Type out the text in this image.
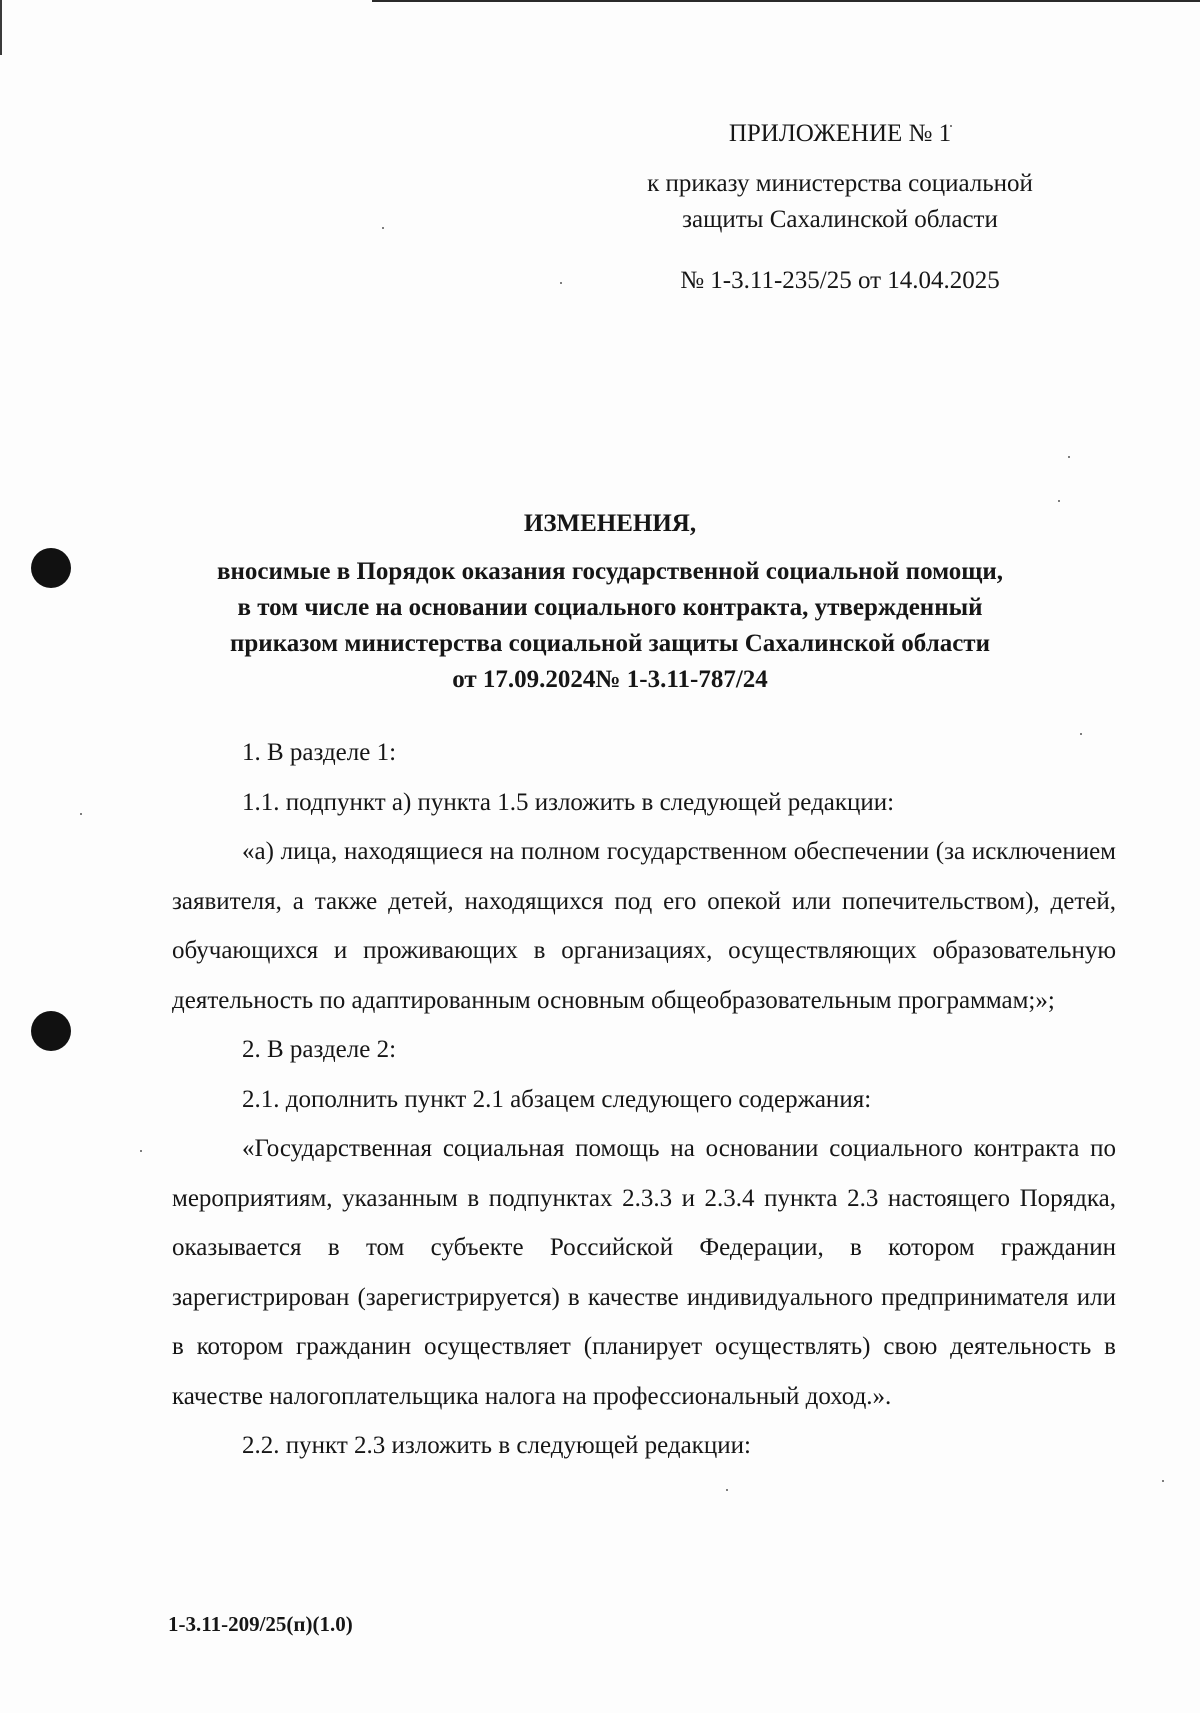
ПРИЛОЖЕНИЕ № 1
к приказу министерства социальной
защиты Сахалинской области
№ 1-3.11-235/25 от 14.04.2025
ИЗМЕНЕНИЯ,
вносимые в Порядок оказания государственной социальной помощи,
в том числе на основании социального контракта, утвержденный
приказом министерства социальной защиты Сахалинской области
от 17.09.2024№ 1-3.11-787/24

1. В разделе 1:

1.1. подпункт а) пункта 1.5 изложить в следующей редакции:

«а) лица, находящиеся на полном государственном обеспечении (за исключением заявителя, а также детей, находящихся под его опекой или попечительством), детей, обучающихся и проживающих в организациях, осуществляющих образовательную деятельность по адаптированным основным общеобразовательным программам;»;

2. В разделе 2:

2.1. дополнить пункт 2.1 абзацем следующего содержания:

«Государственная социальная помощь на основании социального контракта по мероприятиям, указанным в подпунктах 2.3.3 и 2.3.4 пункта 2.3 настоящего Порядка, оказывается в том субъекте Российской Федерации, в котором гражданин зарегистрирован (зарегистрируется) в качестве индивидуального предпринимателя или в котором гражданин осуществляет (планирует осуществлять) свою деятельность в качестве налогоплательщика налога на профессиональный доход.».

2.2. пункт 2.3 изложить в следующей редакции:

1-3.11-209/25(п)(1.0)
